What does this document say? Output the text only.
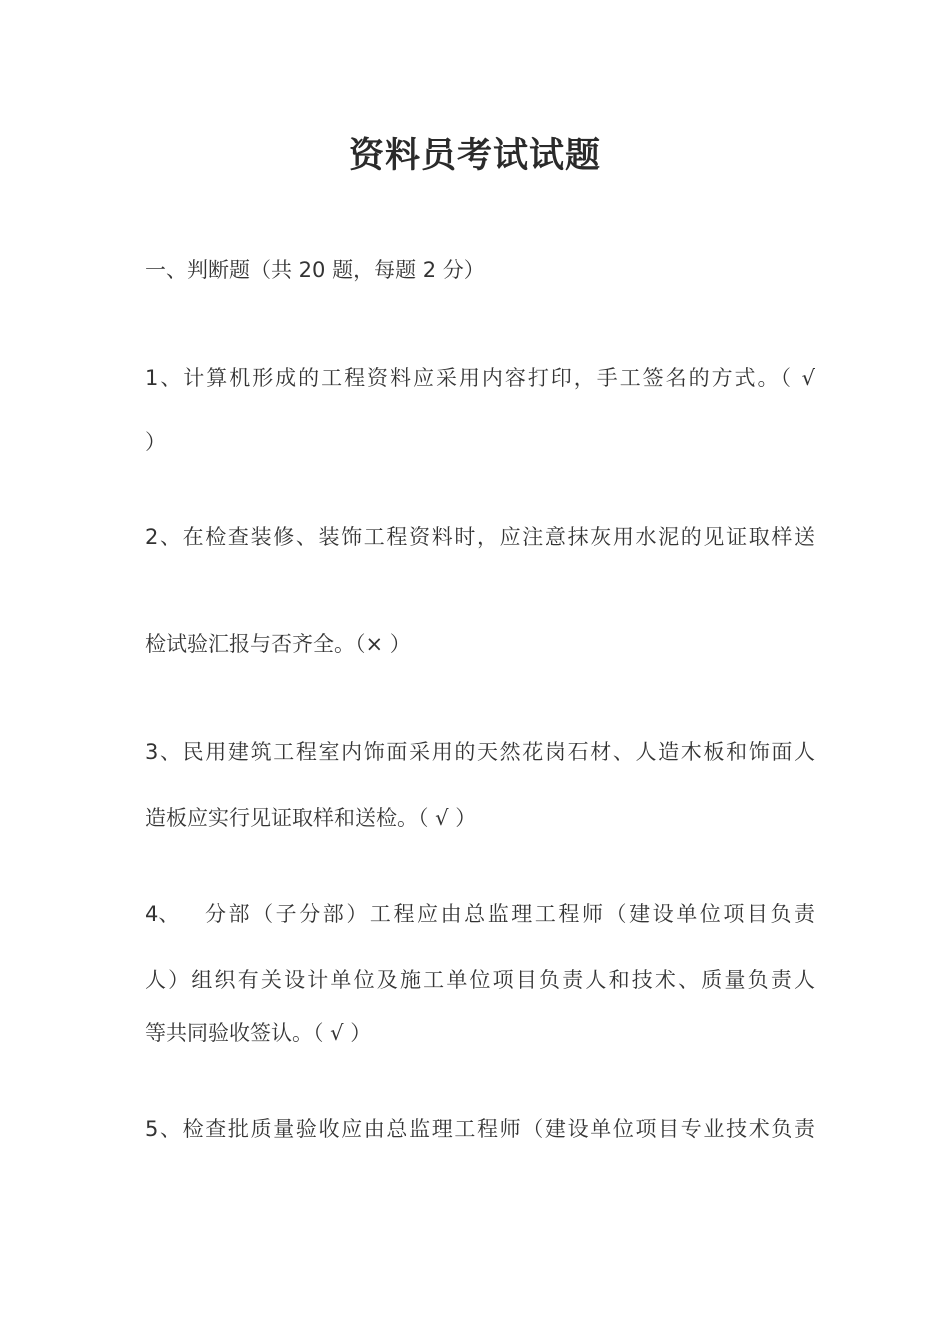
资料员考试试题
一、判断题（共 20 题，每题 2 分）
1、计算机形成的工程资料应采用内容打印，手工签名的方式。（ √
）
2、在检查装修、装饰工程资料时，应注意抹灰用水泥的见证取样送
检试验汇报与否齐全。（× ）
3、民用建筑工程室内饰面采用的天然花岗石材、人造木板和饰面人
造板应实行见证取样和送检。（ √ ）
4、	分部（子分部）工程应由总监理工程师（建设单位项目负责
人）组织有关设计单位及施工单位项目负责人和技术、质量负责人
等共同验收签认。（ √ ）
5、检查批质量验收应由总监理工程师（建设单位项目专业技术负责
